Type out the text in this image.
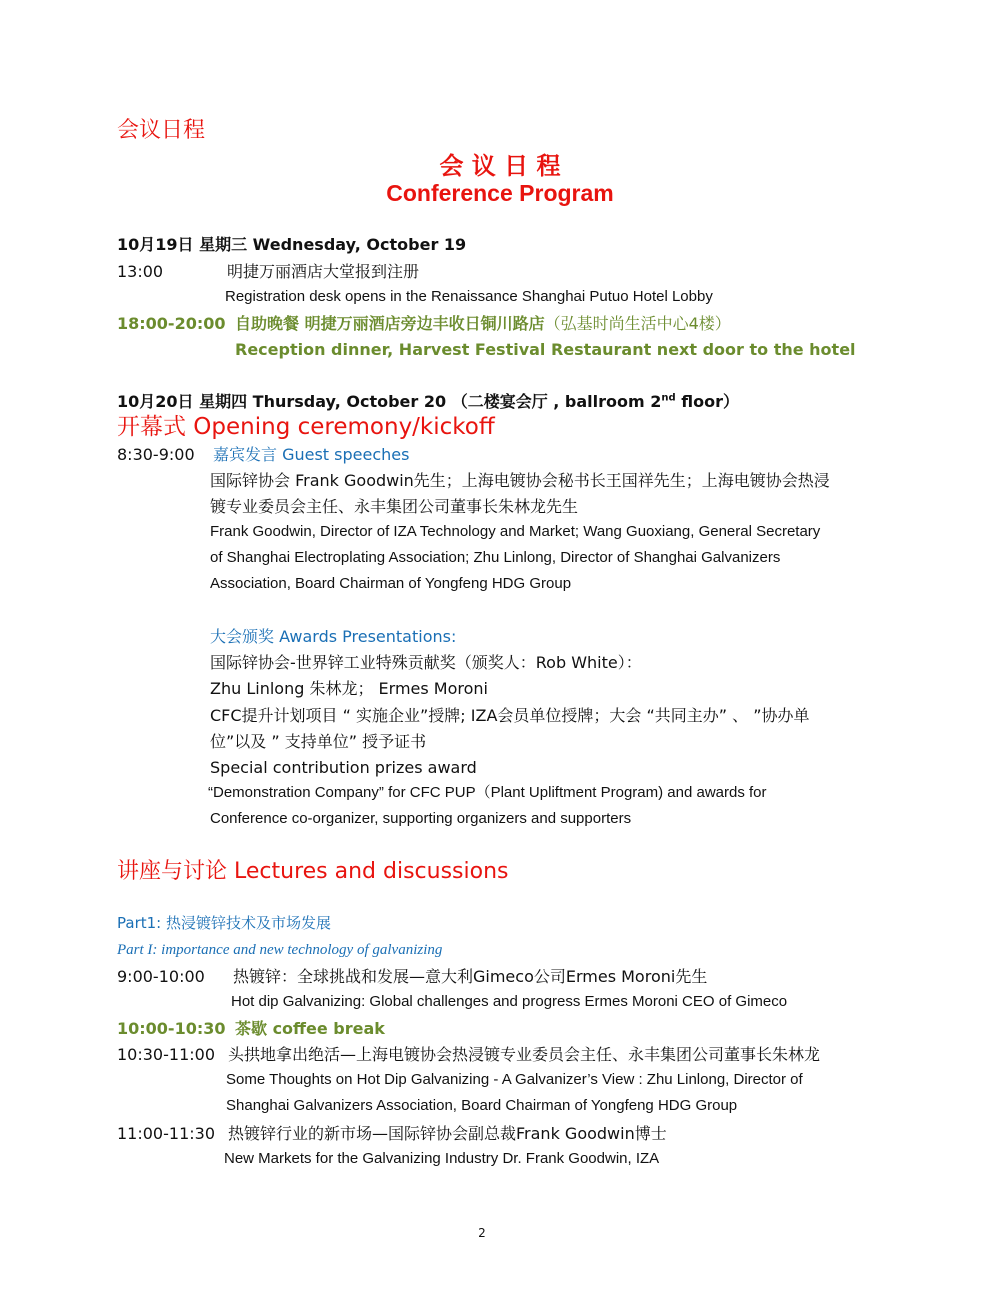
会议日程
会 议 日 程
Conference Program
10月19日 星期三 Wednesday, October 19
13:00	明捷万丽酒店大堂报到注册
Registration desk opens in the Renaissance Shanghai Putuo Hotel Lobby
18:00-20:00 自助晚餐 明捷万丽酒店旁边丰收日铜川路店（弘基时尚生活中心4楼）
Reception dinner, Harvest Festival Restaurant next door to the hotel
10月20日 星期四 Thursday, October 20 （二楼宴会厅 , ballroom 2nd floor）
开幕式 Opening ceremony/kickoff
8:30-9:00 嘉宾发言 Guest speeches
国际锌协会 Frank Goodwin先生；上海电镀协会秘书长王国祥先生；上海电镀协会热浸
镀专业委员会主任、永丰集团公司董事长朱林龙先生
Frank Goodwin, Director of IZA Technology and Market; Wang Guoxiang, General Secretary
of Shanghai Electroplating Association; Zhu Linlong, Director of Shanghai Galvanizers
Association, Board Chairman of Yongfeng HDG Group
大会颁奖 Awards Presentations:
国际锌协会-世界锌工业特殊贡献奖（颁奖人：Rob White）：
Zhu Linlong 朱林龙； Ermes Moroni
CFC提升计划项目 “ 实施企业”授牌; IZA会员单位授牌；大会 “共同主办” 、 ”协办单
位”以及 ” 支持单位” 授予证书
Special contribution prizes award
“Demonstration Company” for CFC PUP（Plant Upliftment Program) and awards for
Conference co-organizer, supporting organizers and supporters
讲座与讨论 Lectures and discussions
Part1: 热浸镀锌技术及市场发展
Part I: importance and new technology of galvanizing
9:00-10:00 热镀锌：全球挑战和发展—意大利Gimeco公司Ermes Moroni先生
Hot dip Galvanizing: Global challenges and progress Ermes Moroni CEO of Gimeco
10:00-10:30 茶歇 coffee break
10:30-11:00 头拱地拿出绝活—上海电镀协会热浸镀专业委员会主任、永丰集团公司董事长朱林龙
Some Thoughts on Hot Dip Galvanizing - A Galvanizer’s View : Zhu Linlong, Director of
Shanghai Galvanizers Association, Board Chairman of Yongfeng HDG Group
11:00-11:30 热镀锌行业的新市场—国际锌协会副总裁Frank Goodwin博士
New Markets for the Galvanizing Industry Dr. Frank Goodwin, IZA
2
